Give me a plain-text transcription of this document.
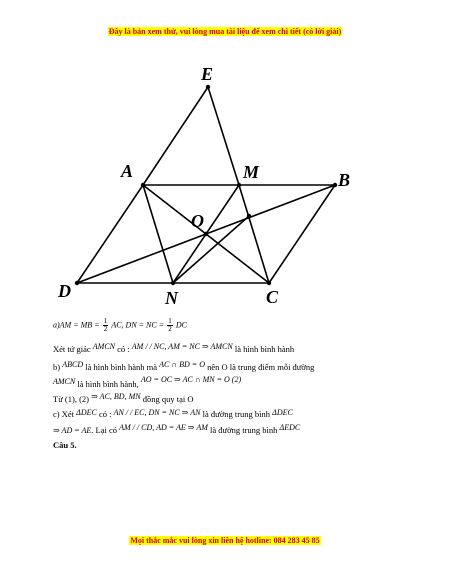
Đây là bản xem thử, vui lòng mua tài liệu để xem chi tiết (có lời giải)
E
A	M	B
O
D	N	C
a)AM = MB = $\frac{1}{2}$ AC, DN = NC = $\frac{1}{2}$ DC
Xét tứ giác AMCN có : AM / / NC, AM = NC ⇒ AMCN là hình bình hành
b) ABCD là hình bình hành mà AC ∩ BD = O nên O là trung điểm mỗi đường
AMCN là hình bình hành, AO = OC ⇒ AC ∩ MN = O (2)
Từ (1), (2) ⇒ AC, BD, MN đồng quy tại O
c) Xét ΔDEC có : AN / / EC, DN = NC ⇒ AN là đường trung bình ΔDEC
⇒ AD = AE. Lại có AM / / CD, AD = AE ⇒ AM là đường trung bình ΔEDC
Câu 5.
Mọi thắc mắc vui lòng xin liên hệ hotline: 084 283 45 85
